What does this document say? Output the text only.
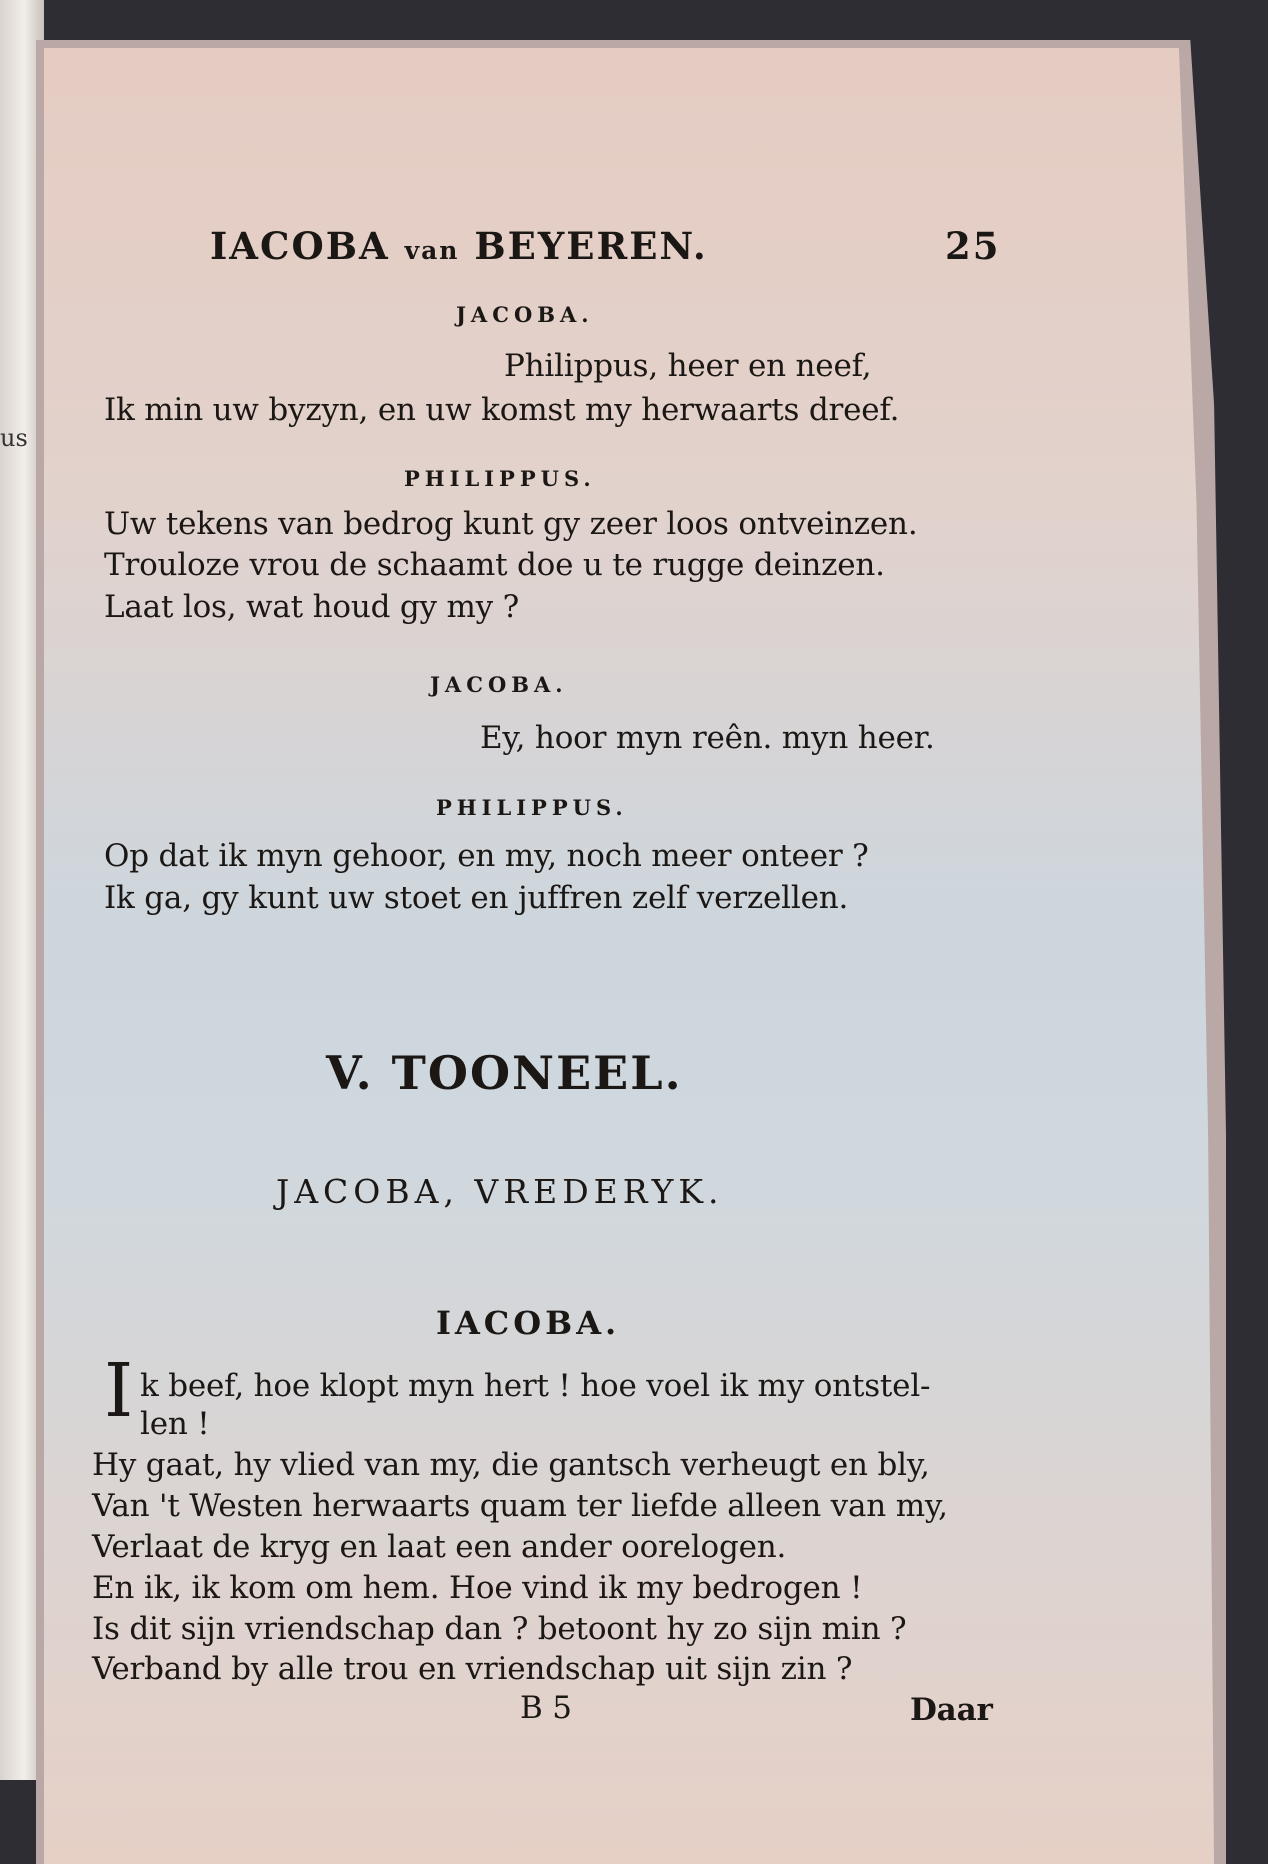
us
IACOBA van BEYEREN.	25
JACOBA.
Philippus, heer en neef,
Ik min uw byzyn, en uw komst my herwaarts dreef.
PHILIPPUS.
Uw tekens van bedrog kunt gy zeer loos ontveinzen.
Trouloze vrou de schaamt doe u te rugge deinzen.
Laat los, wat houd gy my ?
JACOBA.
Ey, hoor myn reên. myn heer.
PHILIPPUS.
Op dat ik myn gehoor, en my, noch meer onteer ?
Ik ga, gy kunt uw stoet en juffren zelf verzellen.
V. TOONEEL.
JACOBA, VREDERYK.
IACOBA.
I k beef, hoe klopt myn hert ! hoe voel ik my ontstel-
len !
Hy gaat, hy vlied van my, die gantsch verheugt en bly,
Van 't Westen herwaarts quam ter liefde alleen van my,
Verlaat de kryg en laat een ander oorelogen.
En ik, ik kom om hem. Hoe vind ik my bedrogen !
Is dit sijn vriendschap dan ? betoont hy zo sijn min ?
Verband by alle trou en vriendschap uit sijn zin ?
B 5	Daar
